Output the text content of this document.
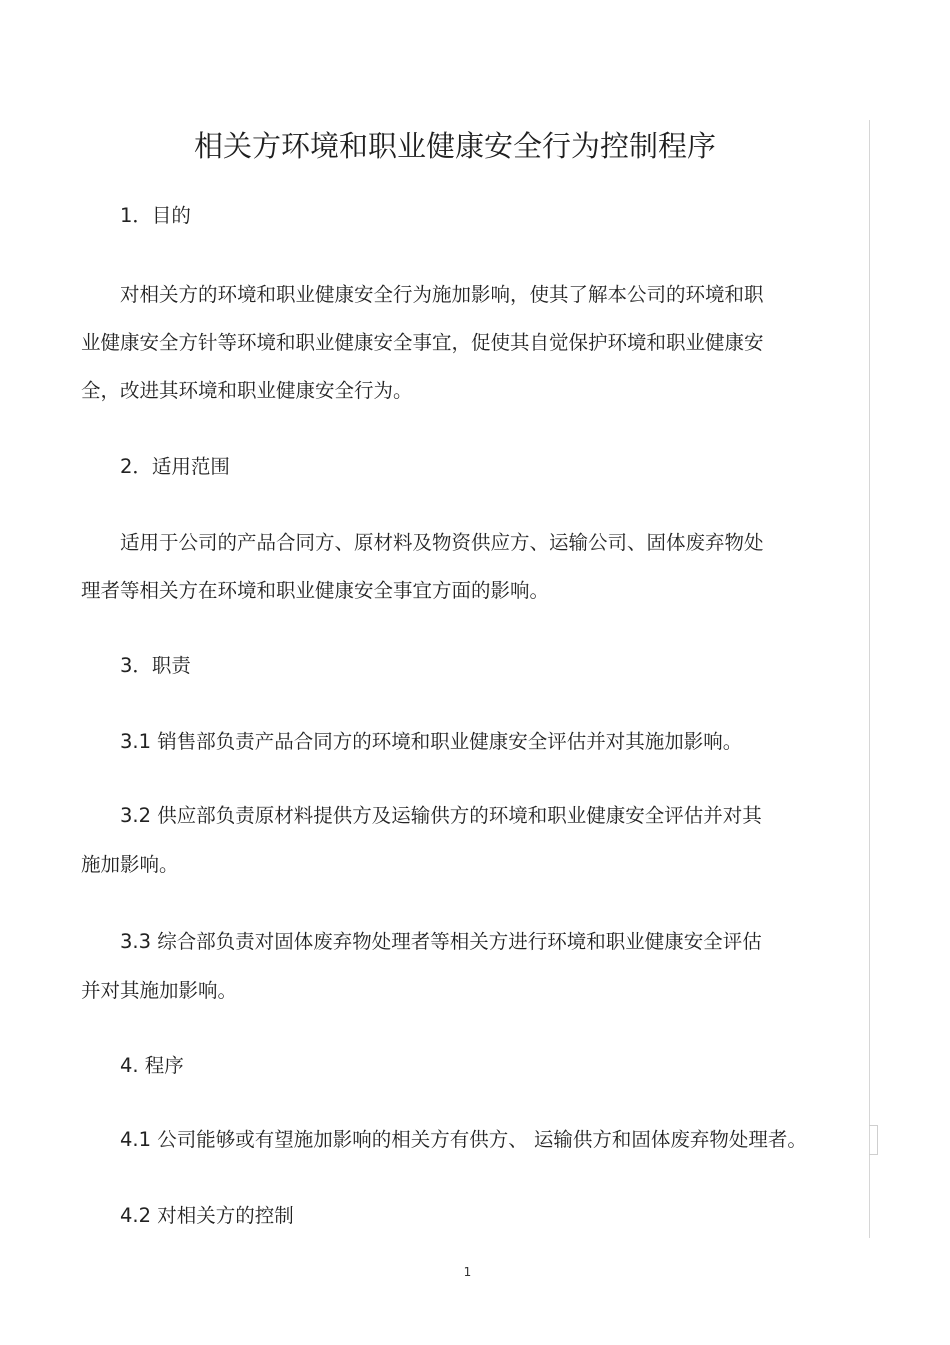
相关方环境和职业健康安全行为控制程序
1．目的
对相关方的环境和职业健康安全行为施加影响，使其了解本公司的环境和职
业健康安全方针等环境和职业健康安全事宜，促使其自觉保护环境和职业健康安
全，改进其环境和职业健康安全行为。
2．适用范围
适用于公司的产品合同方、原材料及物资供应方、运输公司、固体废弃物处
理者等相关方在环境和职业健康安全事宜方面的影响。
3．职责
3.1 销售部负责产品合同方的环境和职业健康安全评估并对其施加影响。
3.2 供应部负责原材料提供方及运输供方的环境和职业健康安全评估并对其
施加影响。
3.3 综合部负责对固体废弃物处理者等相关方进行环境和职业健康安全评估
并对其施加影响。
4. 程序
4.1 公司能够或有望施加影响的相关方有供方、 运输供方和固体废弃物处理者。
4.2 对相关方的控制
1
